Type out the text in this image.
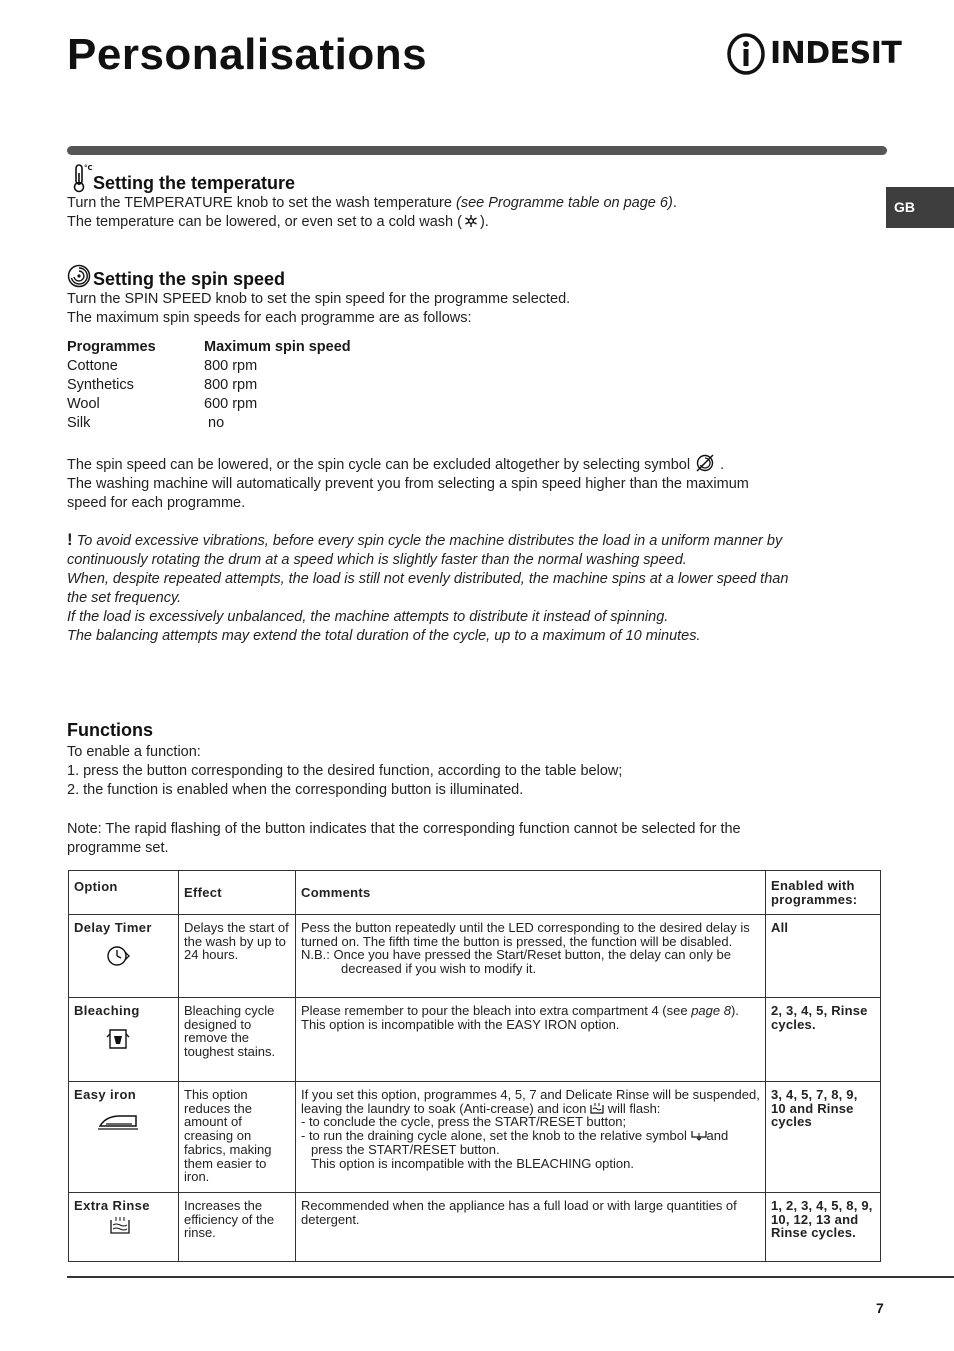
Personalisations	INDESIT
GB
°C
Setting the temperature

Turn the TEMPERATURE knob to set the wash temperature (see Programme table on page 6).

The temperature can be lowered, or even set to a cold wash ( ).

Setting the spin speed

Turn the SPIN SPEED knob to set the spin speed for the programme selected.

The maximum spin speeds for each programme are as follows:

Programmes	Maximum spin speed
Cottone	800 rpm
Synthetics	800 rpm
Wool	600 rpm
Silk	no

The spin speed can be lowered, or the spin cycle can be excluded altogether by selecting symbol .

The washing machine will automatically prevent you from selecting a spin speed higher than the maximum

speed for each programme.

! To avoid excessive vibrations, before every spin cycle the machine distributes the load in a uniform manner by

continuously rotating the drum at a speed which is slightly faster than the normal washing speed.

When, despite repeated attempts, the load is still not evenly distributed, the machine spins at a lower speed than

the set frequency.

If the load is excessively unbalanced, the machine attempts to distribute it instead of spinning.

The balancing attempts may extend the total duration of the cycle, up to a maximum of 10 minutes.

Functions

To enable a function:

1. press the button corresponding to the desired function, according to the table below;

2. the function is enabled when the corresponding button is illuminated.

Note: The rapid flashing of the button indicates that the corresponding function cannot be selected for the

programme set.

Option	Effect	Comments	Enabled with programmes:

Delay Timer	Delays the start of the wash by up to 24 hours.	Pess the button repeatedly until the LED corresponding to the desired delay is turned on. The fifth time the button is pressed, the function will be disabled.
N.B.: Once you have pressed the Start/Reset button, the delay can only be decreased if you wish to modify it.	All

Bleaching	Bleaching cycle designed to remove the toughest stains.	Please remember to pour the bleach into extra compartment 4 (see page 8). This option is incompatible with the EASY IRON option.	2, 3, 4, 5, Rinse cycles.

Easy iron	This option reduces the amount of creasing on fabrics, making them easier to iron.	If you set this option, programmes 4, 5, 7 and Delicate Rinse will be suspended, leaving the laundry to soak (Anti-crease) and icon will flash:
- to conclude the cycle, press the START/RESET button;
- to run the draining cycle alone, set the knob to the relative symbol and press the START/RESET button.
This option is incompatible with the BLEACHING option.	3, 4, 5, 7, 8, 9, 10 and Rinse cycles

Extra Rinse	Increases the efficiency of the rinse.	Recommended when the appliance has a full load or with large quantities of detergent.	1, 2, 3, 4, 5, 8, 9, 10, 12, 13 and Rinse cycles.
7
